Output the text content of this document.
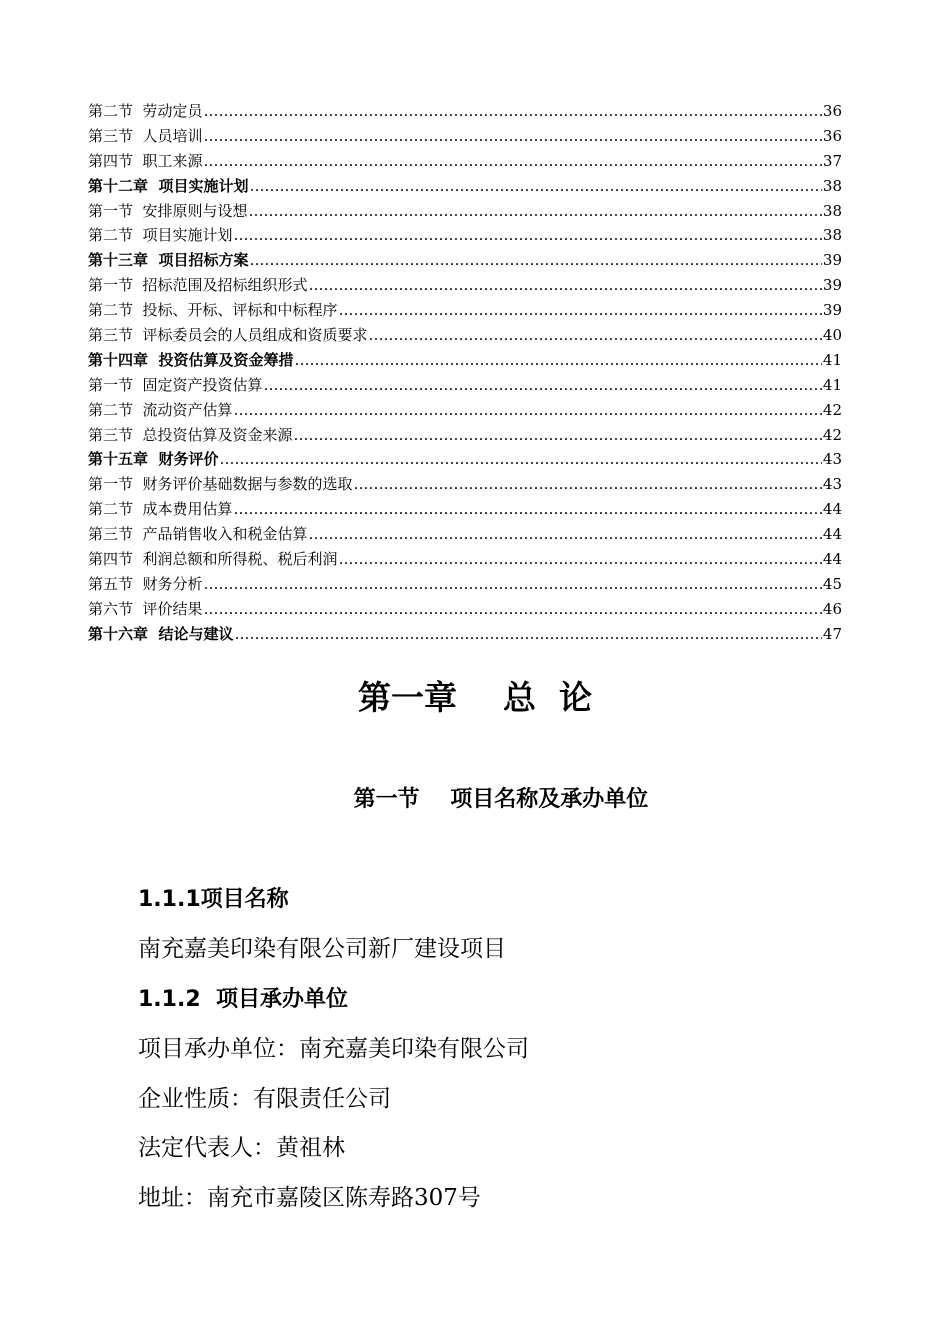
第二节  劳动定员 …………………………………………………………………………………………………………………………………………………………………………………………………………………………………………………………	36
第三节  人员培训 …………………………………………………………………………………………………………………………………………………………………………………………………………………………………………………………	36
第四节  职工来源 …………………………………………………………………………………………………………………………………………………………………………………………………………………………………………………………	37
第十二章  项目实施计划 …………………………………………………………………………………………………………………………………………………………………………………………………………………………………………………………	38
第一节  安排原则与设想 …………………………………………………………………………………………………………………………………………………………………………………………………………………………………………………………	38
第二节  项目实施计划 …………………………………………………………………………………………………………………………………………………………………………………………………………………………………………………………	38
第十三章  项目招标方案 …………………………………………………………………………………………………………………………………………………………………………………………………………………………………………………………	39
第一节  招标范围及招标组织形式 …………………………………………………………………………………………………………………………………………………………………………………………………………………………………………………………	39
第二节  投标、开标、评标和中标程序 …………………………………………………………………………………………………………………………………………………………………………………………………………………………………………………………	39
第三节  评标委员会的人员组成和资质要求 …………………………………………………………………………………………………………………………………………………………………………………………………………………………………………………………	40
第十四章  投资估算及资金筹措 …………………………………………………………………………………………………………………………………………………………………………………………………………………………………………………………	41
第一节  固定资产投资估算 …………………………………………………………………………………………………………………………………………………………………………………………………………………………………………………………	41
第二节  流动资产估算 …………………………………………………………………………………………………………………………………………………………………………………………………………………………………………………………	42
第三节  总投资估算及资金来源 …………………………………………………………………………………………………………………………………………………………………………………………………………………………………………………………	42
第十五章  财务评价 …………………………………………………………………………………………………………………………………………………………………………………………………………………………………………………………	43
第一节  财务评价基础数据与参数的选取 …………………………………………………………………………………………………………………………………………………………………………………………………………………………………………………………	43
第二节  成本费用估算 …………………………………………………………………………………………………………………………………………………………………………………………………………………………………………………………	44
第三节  产品销售收入和税金估算 …………………………………………………………………………………………………………………………………………………………………………………………………………………………………………………………	44
第四节  利润总额和所得税、税后利润 …………………………………………………………………………………………………………………………………………………………………………………………………………………………………………………………	44
第五节  财务分析 …………………………………………………………………………………………………………………………………………………………………………………………………………………………………………………………	45
第六节  评价结果 …………………………………………………………………………………………………………………………………………………………………………………………………………………………………………………………	46
第十六章  结论与建议 …………………………………………………………………………………………………………………………………………………………………………………………………………………………………………………………	47
第一章    总  论
第一节    项目名称及承办单位
1.1.1项目名称
南充嘉美印染有限公司新厂建设项目
1.1.2  项目承办单位
项目承办单位：南充嘉美印染有限公司
企业性质：有限责任公司
法定代表人：黄祖林
地址：南充市嘉陵区陈寿路307号
